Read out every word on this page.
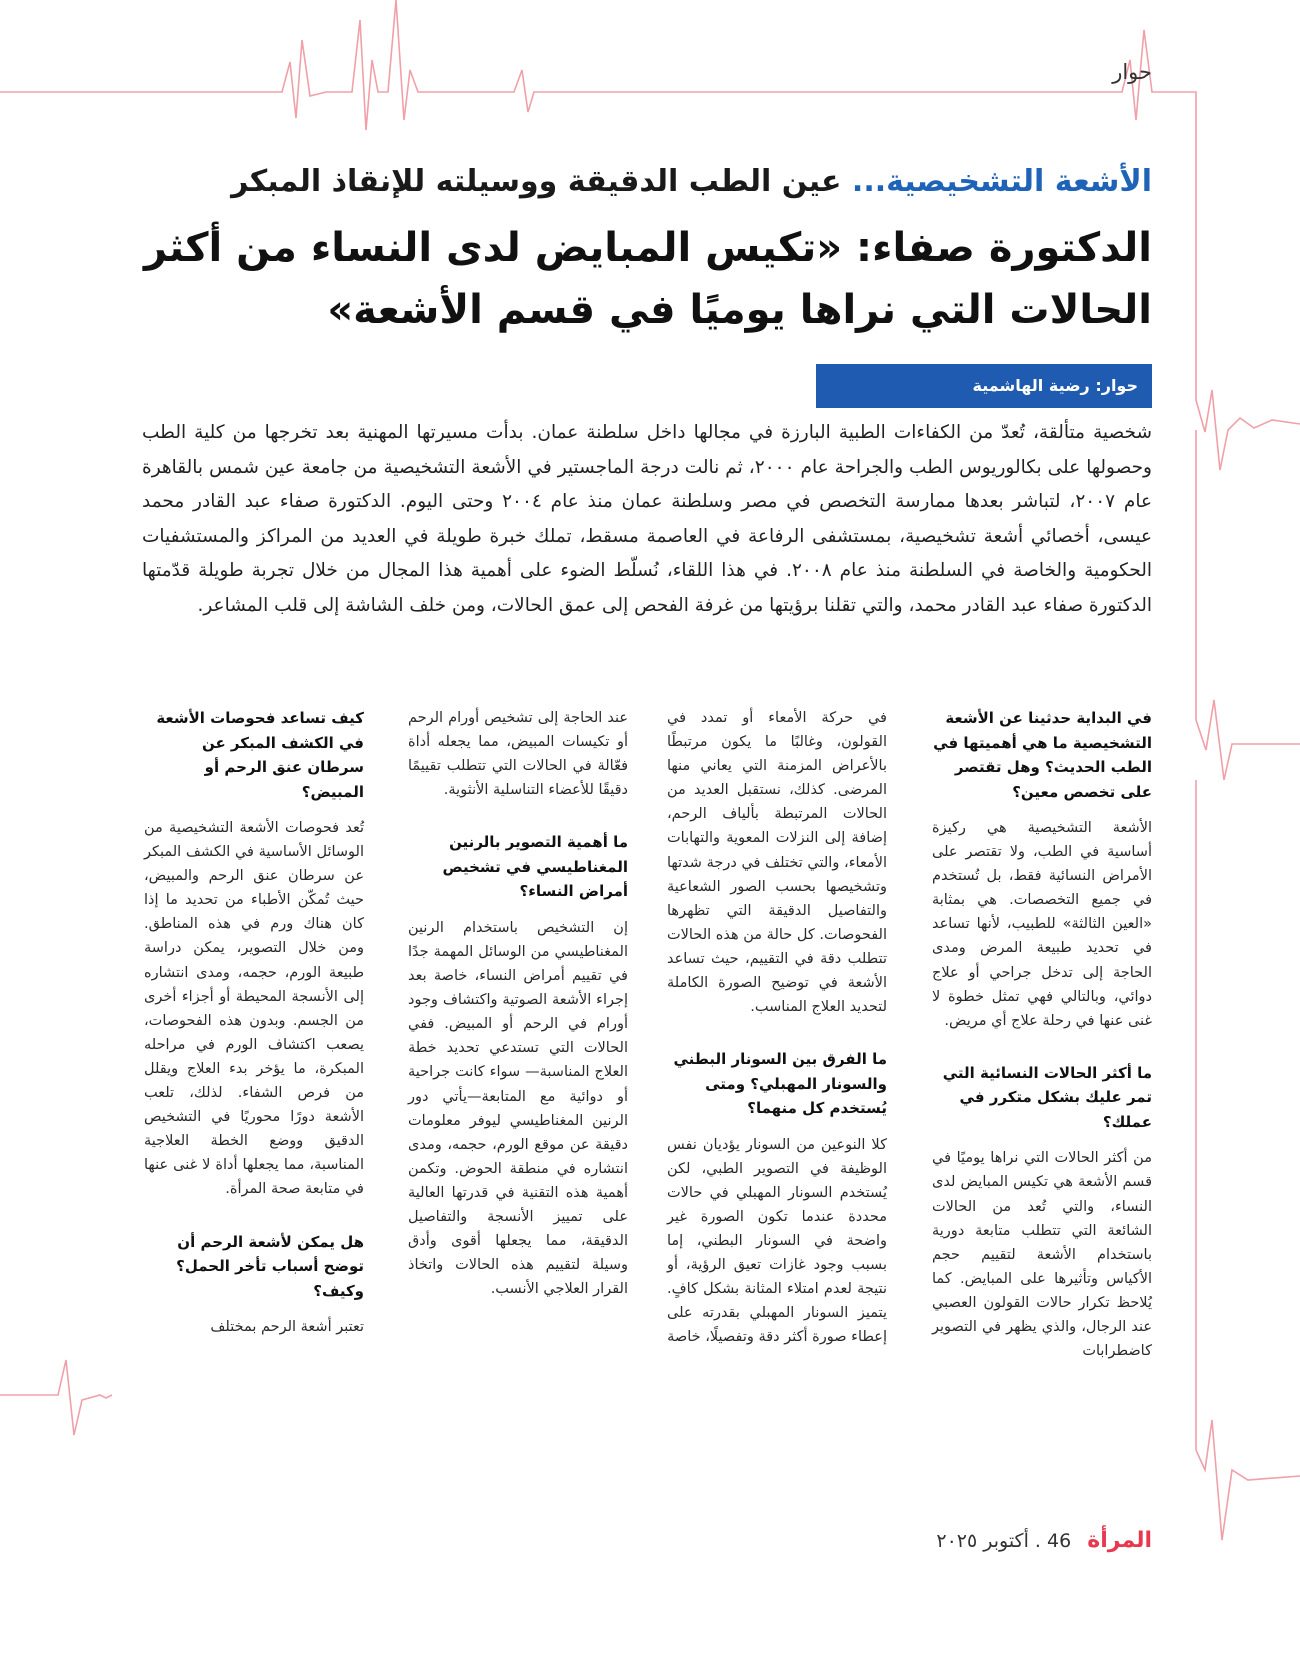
حوار
الأشعة التشخيصية... عين الطب الدقيقة ووسيلته للإنقاذ المبكر
الدكتورة صفاء: «تكيس المبايض لدى النساء من أكثر الحالات التي نراها يوميًا في قسم الأشعة»
حوار: رضية الهاشمية

شخصية متألقة، تُعدّ من الكفاءات الطبية البارزة في مجالها داخل سلطنة عمان. بدأت مسيرتها المهنية بعد تخرجها من كلية الطب وحصولها على بكالوريوس الطب والجراحة عام ٢٠٠٠، ثم نالت درجة الماجستير في الأشعة التشخيصية من جامعة عين شمس بالقاهرة عام ٢٠٠٧، لتباشر بعدها ممارسة التخصص في مصر وسلطنة عمان منذ عام ٢٠٠٤ وحتى اليوم. الدكتورة صفاء عبد القادر محمد عيسى، أخصائي أشعة تشخيصية، بمستشفى الرفاعة في العاصمة مسقط، تملك خبرة طويلة في العديد من المراكز والمستشفيات الحكومية والخاصة في السلطنة منذ عام ٢٠٠٨. في هذا اللقاء، نُسلّط الضوء على أهمية هذا المجال من خلال تجربة طويلة قدّمتها الدكتورة صفاء عبد القادر محمد، والتي تقلنا برؤيتها من غرفة الفحص إلى عمق الحالات، ومن خلف الشاشة إلى قلب المشاعر.

في البداية حدثينا عن الأشعة التشخيصية ما هي أهميتها في الطب الحديث؟ وهل تقتصر على تخصص معين؟

الأشعة التشخيصية هي ركيزة أساسية في الطب، ولا تقتصر على الأمراض النسائية فقط، بل تُستخدم في جميع التخصصات. هي بمثابة «العين الثالثة» للطبيب، لأنها تساعد في تحديد طبيعة المرض ومدى الحاجة إلى تدخل جراحي أو علاج دوائي، وبالتالي فهي تمثل خطوة لا غنى عنها في رحلة علاج أي مريض.

ما أكثر الحالات النسائية التي تمر عليك بشكل متكرر في عملك؟

من أكثر الحالات التي نراها يوميًا في قسم الأشعة هي تكيس المبايض لدى النساء، والتي تُعد من الحالات الشائعة التي تتطلب متابعة دورية باستخدام الأشعة لتقييم حجم الأكياس وتأثيرها على المبايض. كما يُلاحظ تكرار حالات القولون العصبي عند الرجال، والذي يظهر في التصوير كاضطرابات

في حركة الأمعاء أو تمدد في القولون، وغالبًا ما يكون مرتبطًا بالأعراض المزمنة التي يعاني منها المرضى. كذلك، نستقبل العديد من الحالات المرتبطة بألياف الرحم، إضافة إلى النزلات المعوية والتهابات الأمعاء، والتي تختلف في درجة شدتها وتشخيصها بحسب الصور الشعاعية والتفاصيل الدقيقة التي تظهرها الفحوصات. كل حالة من هذه الحالات تتطلب دقة في التقييم، حيث تساعد الأشعة في توضيح الصورة الكاملة لتحديد العلاج المناسب.

ما الفرق بين السونار البطني والسونار المهبلي؟ ومتى يُستخدم كل منهما؟

كلا النوعين من السونار يؤديان نفس الوظيفة في التصوير الطبي، لكن يُستخدم السونار المهبلي في حالات محددة عندما تكون الصورة غير واضحة في السونار البطني، إما بسبب وجود غازات تعيق الرؤية، أو نتيجة لعدم امتلاء المثانة بشكل كافٍ. يتميز السونار المهبلي بقدرته على إعطاء صورة أكثر دقة وتفصيلًا، خاصة

عند الحاجة إلى تشخيص أورام الرحم أو تكيسات المبيض، مما يجعله أداة فعّالة في الحالات التي تتطلب تقييمًا دقيقًا للأعضاء التناسلية الأنثوية.

ما أهمية التصوير بالرنين المغناطيسي في تشخيص أمراض النساء؟

إن التشخيص باستخدام الرنين المغناطيسي من الوسائل المهمة جدًا في تقييم أمراض النساء، خاصة بعد إجراء الأشعة الصوتية واكتشاف وجود أورام في الرحم أو المبيض. ففي الحالات التي تستدعي تحديد خطة العلاج المناسبة— سواء كانت جراحية أو دوائية مع المتابعة—يأتي دور الرنين المغناطيسي ليوفر معلومات دقيقة عن موقع الورم، حجمه، ومدى انتشاره في منطقة الحوض. وتكمن أهمية هذه التقنية في قدرتها العالية على تمييز الأنسجة والتفاصيل الدقيقة، مما يجعلها أقوى وأدق وسيلة لتقييم هذه الحالات واتخاذ القرار العلاجي الأنسب.

كيف تساعد فحوصات الأشعة في الكشف المبكر عن سرطان عنق الرحم أو المبيض؟

تُعد فحوصات الأشعة التشخيصية من الوسائل الأساسية في الكشف المبكر عن سرطان عنق الرحم والمبيض، حيث تُمكّن الأطباء من تحديد ما إذا كان هناك ورم في هذه المناطق. ومن خلال التصوير، يمكن دراسة طبيعة الورم، حجمه، ومدى انتشاره إلى الأنسجة المحيطة أو أجزاء أخرى من الجسم. وبدون هذه الفحوصات، يصعب اكتشاف الورم في مراحله المبكرة، ما يؤخر بدء العلاج ويقلل من فرص الشفاء. لذلك، تلعب الأشعة دورًا محوريًا في التشخيص الدقيق ووضع الخطة العلاجية المناسبة، مما يجعلها أداة لا غنى عنها في متابعة صحة المرأة.

هل يمكن لأشعة الرحم أن توضح أسباب تأخر الحمل؟ وكيف؟

تعتبر أشعة الرحم بمختلف

المرأة 46 . أكتوبر ٢٠٢٥
